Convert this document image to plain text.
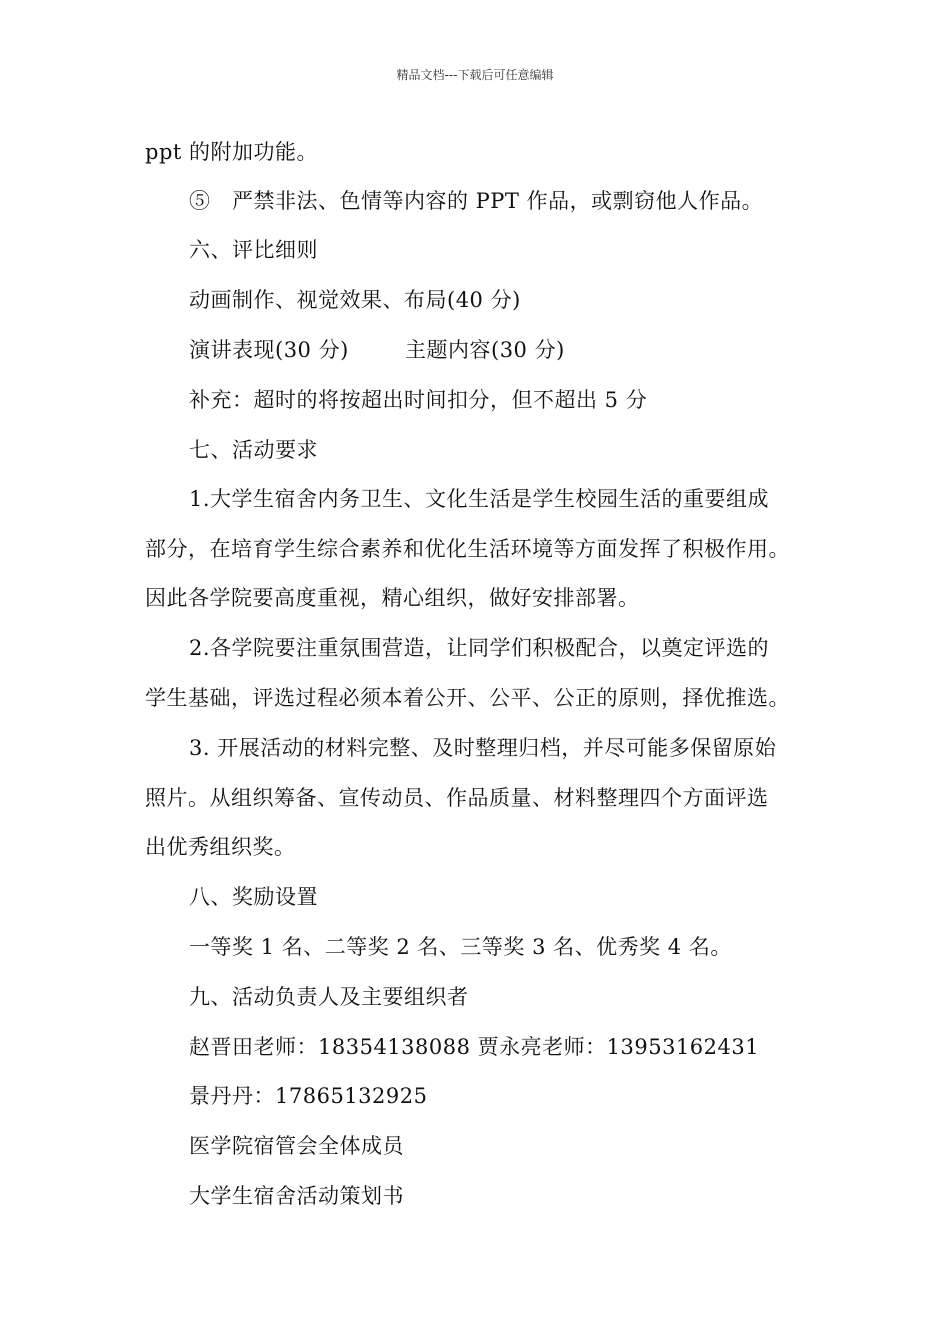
精品文档---下载后可任意编辑
ppt 的附加功能。
⑤　严禁非法、色情等内容的 PPT 作品，或剽窃他人作品。
六、评比细则
动画制作、视觉效果、布局(40 分)
演讲表现(30 分)	主题内容(30 分)
补充：超时的将按超出时间扣分，但不超出 5 分
七、活动要求
1.大学生宿舍内务卫生、文化生活是学生校园生活的重要组成
部分，在培育学生综合素养和优化生活环境等方面发挥了积极作用。
因此各学院要高度重视，精心组织，做好安排部署。
2.各学院要注重氛围营造，让同学们积极配合，以奠定评选的
学生基础，评选过程必须本着公开、公平、公正的原则，择优推选。
3. 开展活动的材料完整、及时整理归档，并尽可能多保留原始
照片。从组织筹备、宣传动员、作品质量、材料整理四个方面评选
出优秀组织奖。
八、奖励设置
一等奖 1 名、二等奖 2 名、三等奖 3 名、优秀奖 4 名。
九、活动负责人及主要组织者
赵晋田老师：18354138088 贾永亮老师：13953162431
景丹丹：17865132925
医学院宿管会全体成员
大学生宿舍活动策划书
